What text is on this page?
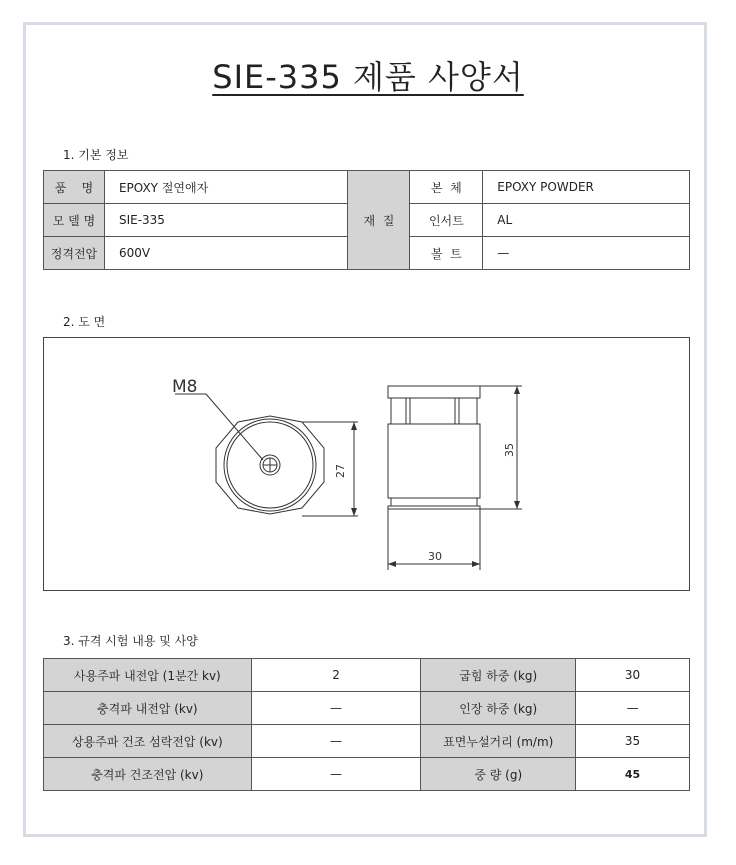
SIE-335 제품 사양서
1. 기본 정보
품    명	EPOXY 절연애자	재  질	본  체	EPOXY POWDER
모 델 명	SIE-335		인서트	AL
정격전압	600V		볼  트	—
2. 도 면
M8
27
35
30
3. 규격 시험 내용 및 사양
사용주파 내전압 (1분간 kv)	2	굽힘 하중 (kg)	30
충격파 내전압 (kv)	—	인장 하중 (kg)	—
상용주파 건조 섬락전압 (kv)	—	표면누설거리 (m/m)	35
충격파 건조전압 (kv)	—	중 량 (g)	45
